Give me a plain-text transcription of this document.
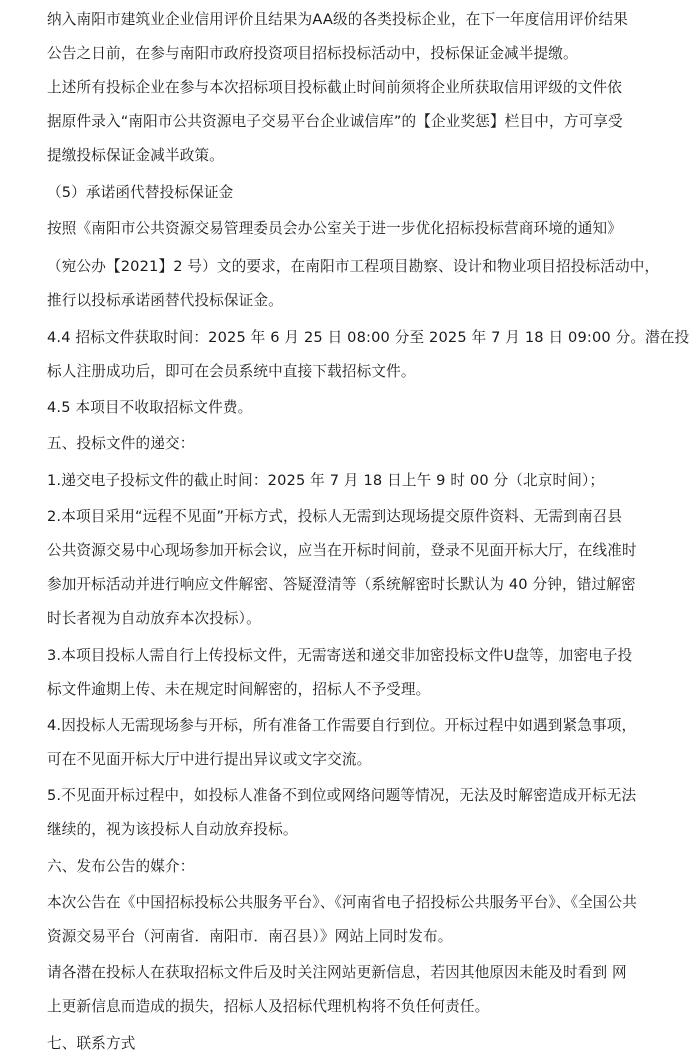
纳入南阳市建筑业企业信用评价且结果为AA级的各类投标企业，在下一年度信用评价结果
公告之日前，在参与南阳市政府投资项目招标投标活动中，投标保证金减半提缴。
上述所有投标企业在参与本次招标项目投标截止时间前须将企业所获取信用评级的文件依
据原件录入“南阳市公共资源电子交易平台企业诚信库”的【企业奖惩】栏目中，方可享受
提缴投标保证金减半政策。
（5）承诺函代替投标保证金
按照《南阳市公共资源交易管理委员会办公室关于进一步优化招标投标营商环境的通知》
（宛公办【2021】2 号）文的要求，在南阳市工程项目勘察、设计和物业项目招投标活动中，
推行以投标承诺函替代投标保证金。
4.4 招标文件获取时间：2025 年 6 月 25 日 08:00 分至 2025 年 7 月 18 日 09:00 分。潜在投
标人注册成功后，即可在会员系统中直接下载招标文件。
4.5 本项目不收取招标文件费。
五、投标文件的递交：
1.递交电子投标文件的截止时间：2025 年 7 月 18 日上午 9 时 00 分（北京时间）；
2.本项目采用“远程不见面”开标方式，投标人无需到达现场提交原件资料、无需到南召县
公共资源交易中心现场参加开标会议，应当在开标时间前，登录不见面开标大厅，在线准时
参加开标活动并进行响应文件解密、答疑澄清等（系统解密时长默认为 40 分钟，错过解密
时长者视为自动放弃本次投标）。
3.本项目投标人需自行上传投标文件，无需寄送和递交非加密投标文件U盘等，加密电子投
标文件逾期上传、未在规定时间解密的，招标人不予受理。
4.因投标人无需现场参与开标，所有准备工作需要自行到位。开标过程中如遇到紧急事项，
可在不见面开标大厅中进行提出异议或文字交流。
5.不见面开标过程中，如投标人准备不到位或网络问题等情况，无法及时解密造成开标无法
继续的，视为该投标人自动放弃投标。
六、发布公告的媒介：
本次公告在《中国招标投标公共服务平台》、《河南省电子招投标公共服务平台》、《全国公共
资源交易平台（河南省．南阳市．南召县）》网站上同时发布。
请各潜在投标人在获取招标文件后及时关注网站更新信息，若因其他原因未能及时看到 网
上更新信息而造成的损失，招标人及招标代理机构将不负任何责任。
七、联系方式
